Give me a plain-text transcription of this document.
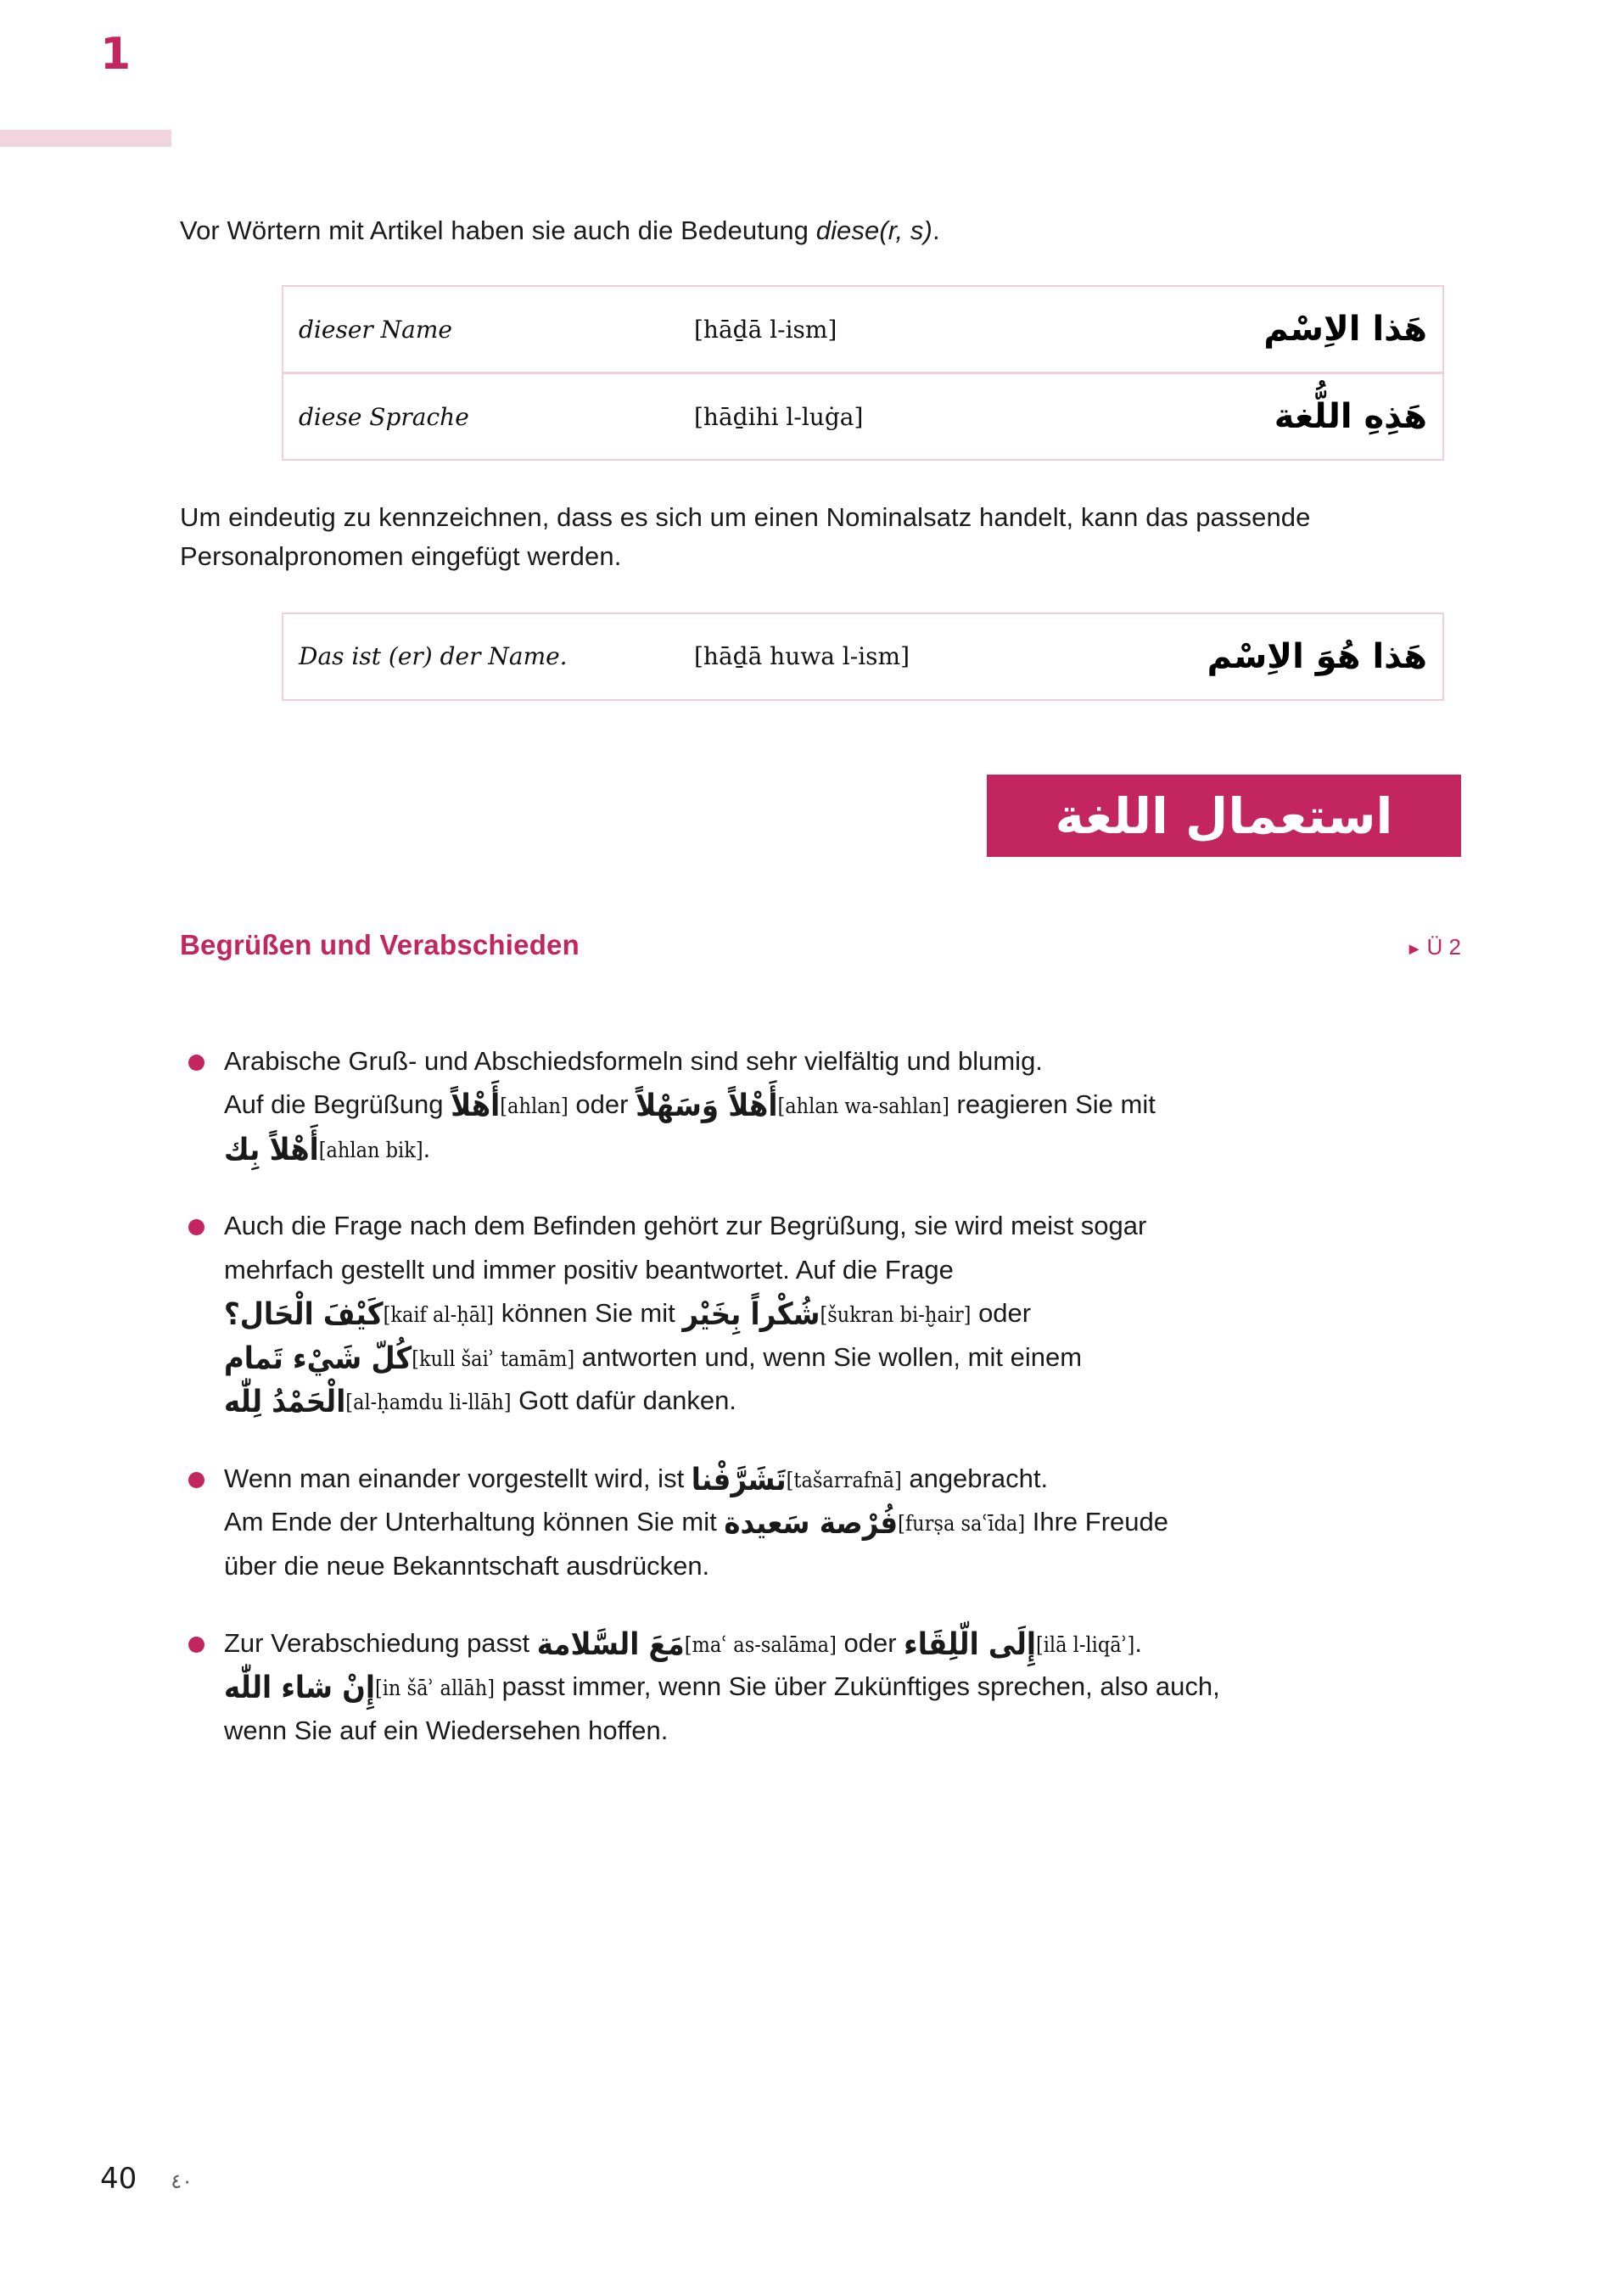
1

Vor Wörtern mit Artikel haben sie auch die Bedeutung diese(r, s).

dieser Name	[hāḏā l-ism]	هَذا الاِسْم
diese Sprache	[hāḏihi l-luġa]	هَذِهِ اللُّغة

Um eindeutig zu kennzeichnen, dass es sich um einen Nominalsatz handelt, kann das passende Personalpronomen eingefügt werden.

Das ist (er) der Name.	[hāḏā huwa l-ism]	هَذا هُوَ الاِسْم
استعمال اللغة
Begrüßen und Verabschieden	► Ü 2
Arabische Gruß- und Abschiedsformeln sind sehr vielfältig und blumig.
Auf die Begrüßung أَهْلاً[ahlan] oder أَهْلاً وَسَهْلاً[ahlan wa-sahlan] reagieren Sie mit
أَهْلاً بِك[ahlan bik].
Auch die Frage nach dem Befinden gehört zur Begrüßung, sie wird meist sogar
mehrfach gestellt und immer positiv beantwortet. Auf die Frage
كَيْفَ الْحَال؟[kaif al-ḥāl] können Sie mit شُكْراً بِخَيْر[šukran bi-ḫair] oder
كُلّ شَيْء تَمام[kull šaiʾ tamām] antworten und, wenn Sie wollen, mit einem
الْحَمْدُ لِلّٰه[al-ḥamdu li-llāh] Gott dafür danken.
Wenn man einander vorgestellt wird, ist تَشَرَّفْنا[tašarrafnā] angebracht.
Am Ende der Unterhaltung können Sie mit فُرْصة سَعيدة[furṣa saʿīda] Ihre Freude
über die neue Bekanntschaft ausdrücken.
Zur Verabschiedung passt مَعَ السَّلامة[maʿ as-salāma] oder إِلَى الّلِقَاء[ilā l-liqāʾ].
إِنْ شاء اللّٰه[in šāʾ allāh] passt immer, wenn Sie über Zukünftiges sprechen, also auch,
wenn Sie auf ein Wiedersehen hoffen.
40 ٤٠
